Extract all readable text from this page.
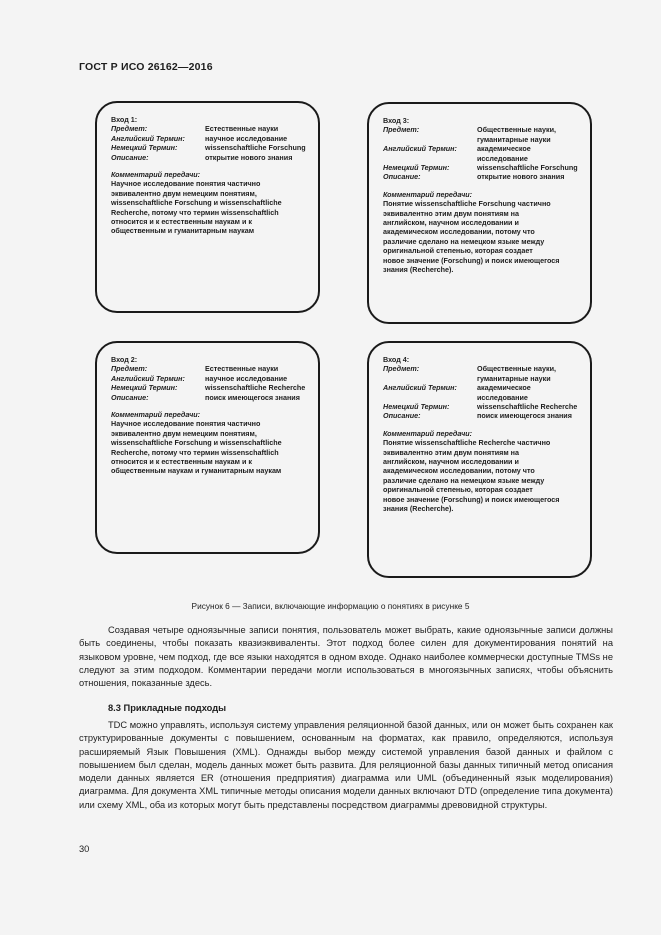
ГОСТ Р ИСО 26162—2016
Вход 1:
Предмет:	Естественные науки
Английский Термин:	научное исследование
Немецкий Термин:	wissenschaftliche Forschung
Описание:	открытие нового знания
Комментарий передачи:
Научное исследование понятия частично
эквивалентно двум немецким понятиям,
wissenschaftliche Forschung и wissenschaftliche
Recherche, потому что термин wissenschaftlich
относится и к естественным наукам и к
общественным и гуманитарным наукам
Вход 3:
Предмет:	Общественные науки, гуманитарные науки
Английский Термин:	академическое исследование
Немецкий Термин:	wissenschaftliche Forschung
Описание:	открытие нового знания
Комментарий передачи:
Понятие wissenschaftliche Forschung частично
эквивалентно этим двум понятиям на
английском, научном исследовании и
академическом исследовании, потому что
различие сделано на немецком языке между
оригинальной степенью, которая создает
новое значение (Forschung) и поиск имеющегося
знания (Recherche).
Вход 2:
Предмет:	Естественные науки
Английский Термин:	научное исследование
Немецкий Термин:	wissenschaftliche Recherche
Описание:	поиск имеющегося знания
Комментарий передачи:
Научное исследование понятия частично
эквивалентно двум немецким понятиям,
wissenschaftliche Forschung и wissenschaftliche
Recherche, потому что термин wissenschaftlich
относится и к естественным наукам и к
общественным наукам и гуманитарным наукам
Вход 4:
Предмет:	Общественные науки, гуманитарные науки
Английский Термин:	академическое исследование
Немецкий Термин:	wissenschaftliche Recherche
Описание:	поиск имеющегося знания
Комментарий передачи:
Понятие wissenschaftliche Recherche частично
эквивалентно этим двум понятиям на
английском, научном исследовании и
академическом исследовании, потому что
различие сделано на немецком языке между
оригинальной степенью, которая создает
новое значение (Forschung) и поиск имеющегося
знания (Recherche).
Рисунок 6 — Записи, включающие информацию о понятиях в рисунке 5

Создавая четыре одноязычные записи понятия, пользователь может выбрать, какие одноязычные записи должны быть соединены, чтобы показать квазиэквиваленты. Этот подход более силен для документирования понятий на языковом уровне, чем подход, где все языки находятся в одном входе. Однако наиболее коммерчески доступные TMSs не следуют за этим подходом. Комментарии передачи могли использоваться в многоязычных записях, чтобы объяснить отношения, показанные здесь.

8.3 Прикладные подходы

TDC можно управлять, используя систему управления реляционной базой данных, или он может быть сохранен как структурированные документы с повышением, основанным на форматах, как правило, определяются, используя расширяемый Язык Повышения (XML). Однажды выбор между системой управления базой данных и файлом с повышением был сделан, модель данных может быть развита. Для реляционной базы данных типичный метод описания модели данных является ER (отношения предприятия) диаграмма или UML (объединенный язык моделирования) диаграмма. Для документа XML типичные методы описания модели данных включают DTD (определение типа документа) или схему XML, оба из которых могут быть представлены посредством диаграммы древовидной структуры.

30
